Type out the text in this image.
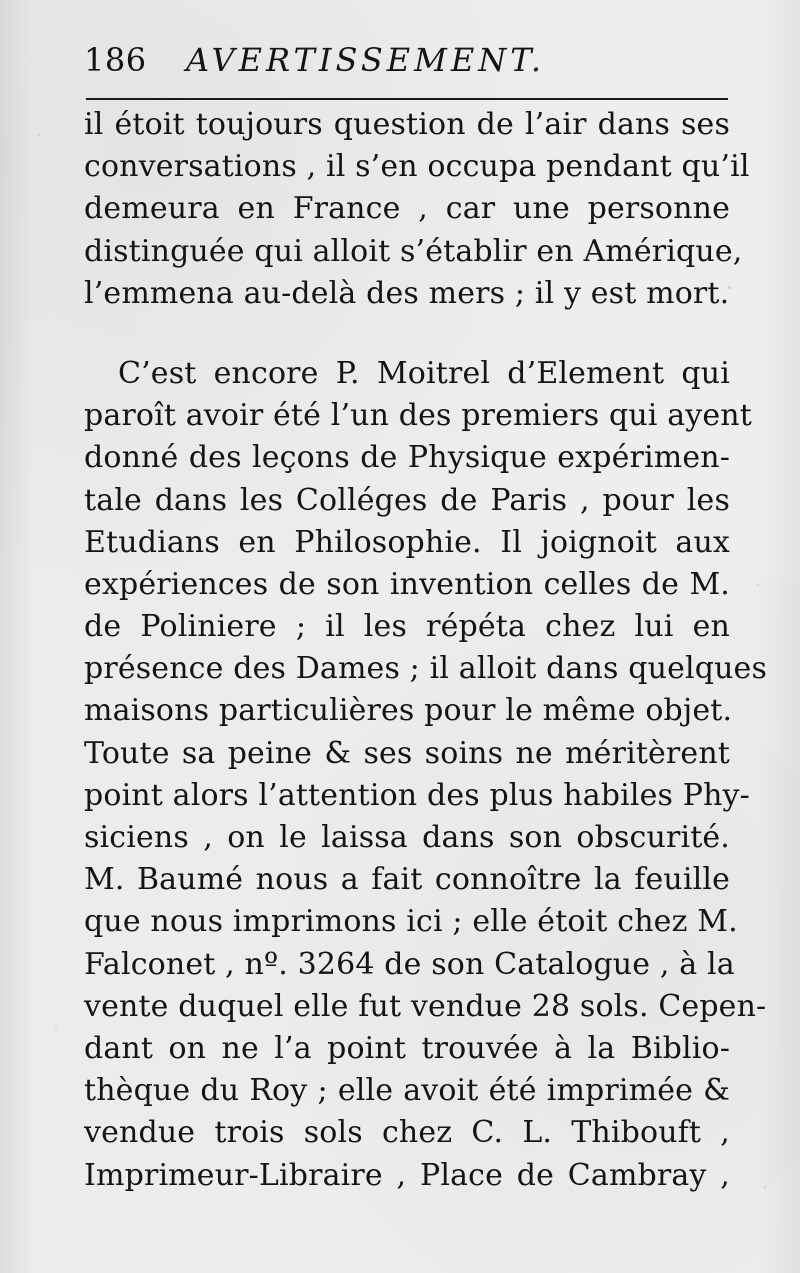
186 AVERTISSEMENT.
il étoit toujours question de l’air dans ses
conversations , il s’en occupa pendant qu’il
demeura en France , car une personne
distinguée qui alloit s’établir en Amérique,
l’emmena au-delà des mers ; il y est mort.
C’est encore P. Moitrel d’Element qui
paroît avoir été l’un des premiers qui ayent
donné des leçons de Physique expérimen-
tale dans les Colléges de Paris , pour les
Etudians en Philosophie. Il joignoit aux
expériences de son invention celles de M.
de Poliniere ; il les répéta chez lui en
présence des Dames ; il alloit dans quelques
maisons particulières pour le même objet.
Toute sa peine & ses soins ne méritèrent
point alors l’attention des plus habiles Phy-
siciens , on le laissa dans son obscurité.
M. Baumé nous a fait connoître la feuille
que nous imprimons ici ; elle étoit chez M.
Falconet , nº. 3264 de son Catalogue , à la
vente duquel elle fut vendue 28 sols. Cepen-
dant on ne l’a point trouvée à la Biblio-
thèque du Roy ; elle avoit été imprimée &
vendue trois sols chez C. L. Thibouft ,
Imprimeur-Libraire , Place de Cambray ,
